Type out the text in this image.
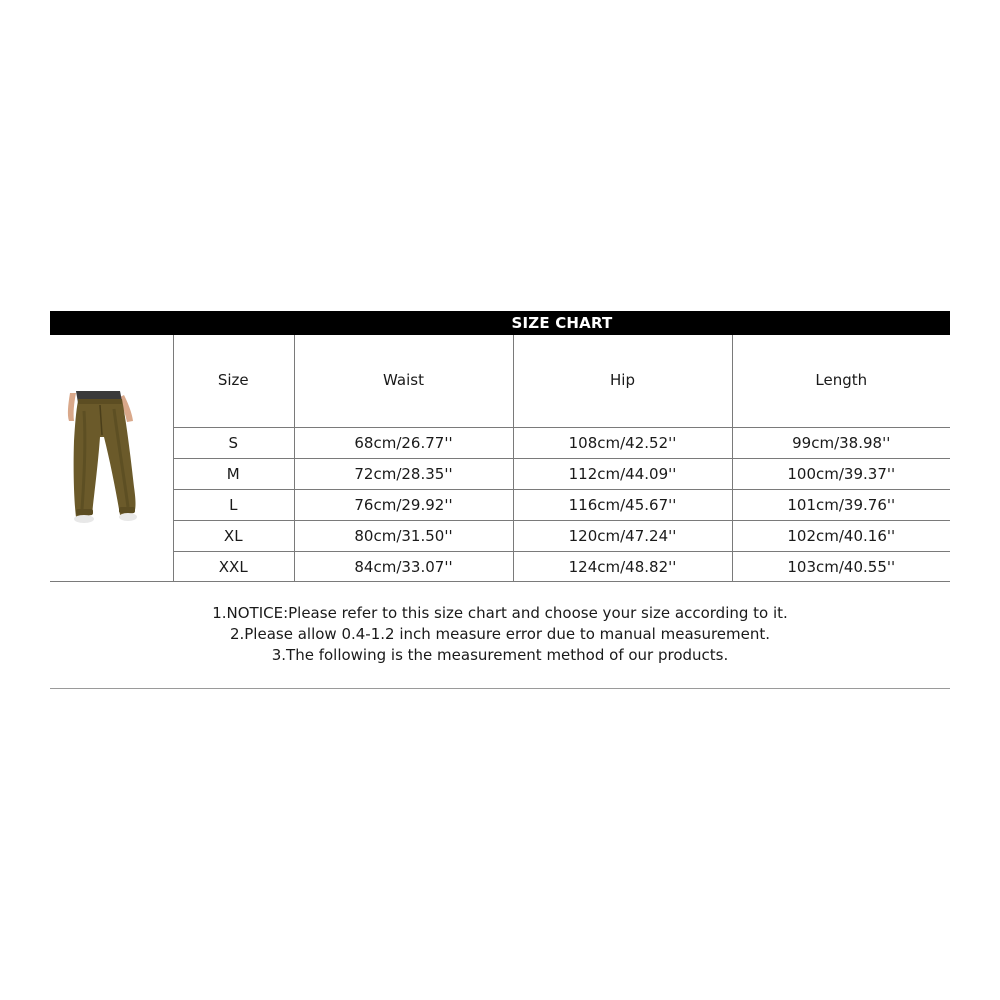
SIZE CHART
Size	Waist	Hip	Length
S	68cm/26.77''	108cm/42.52''	99cm/38.98''
M	72cm/28.35''	112cm/44.09''	100cm/39.37''
L	76cm/29.92''	116cm/45.67''	101cm/39.76''
XL	80cm/31.50''	120cm/47.24''	102cm/40.16''
XXL	84cm/33.07''	124cm/48.82''	103cm/40.55''

1.NOTICE:Please refer to this size chart and choose your size according to it.

2.Please allow 0.4-1.2 inch measure error due to manual measurement.

3.The following is the measurement method of our products.
